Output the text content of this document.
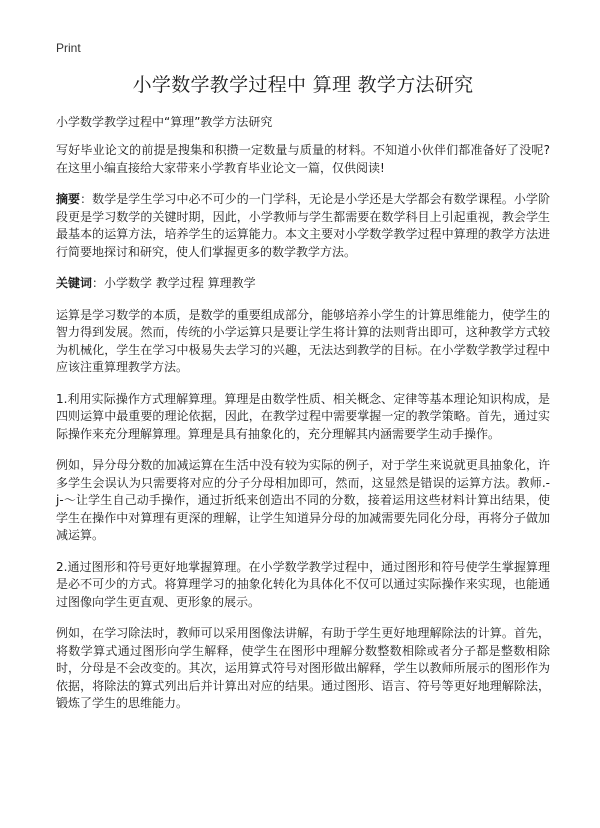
Print
小学数学教学过程中 算理 教学方法研究
小学数学教学过程中“算理”教学方法研究

写好毕业论文的前提是搜集和积攒一定数量与质量的材料。不知道小伙伴们都准备好了没呢?在这里小编直接给大家带来小学教育毕业论文一篇，仅供阅读!

摘要：数学是学生学习中必不可少的一门学科，无论是小学还是大学都会有数学课程。小学阶段更是学习数学的关键时期，因此，小学教师与学生都需要在数学科目上引起重视，教会学生最基本的运算方法，培养学生的运算能力。本文主要对小学数学教学过程中算理的教学方法进行简要地探讨和研究，使人们掌握更多的数学教学方法。

关键词：小学数学 教学过程 算理教学

运算是学习数学的本质，是数学的重要组成部分，能够培养小学生的计算思维能力，使学生的智力得到发展。然而，传统的小学运算只是要让学生将计算的法则背出即可，这种教学方式较为机械化，学生在学习中极易失去学习的兴趣，无法达到教学的目标。在小学数学教学过程中应该注重算理教学方法。

1.利用实际操作方式理解算理。算理是由数学性质、相关概念、定律等基本理论知识构成，是四则运算中最重要的理论依据，因此，在教学过程中需要掌握一定的教学策略。首先，通过实际操作来充分理解算理。算理是具有抽象化的，充分理解其内涵需要学生动手操作。

例如，异分母分数的加减运算在生活中没有较为实际的例子，对于学生来说就更具抽象化，许多学生会误认为只需要将对应的分子分母相加即可，然而，这显然是错误的运算方法。教师.-j-～让学生自己动手操作，通过折纸来创造出不同的分数，接着运用这些材料计算出结果，使学生在操作中对算理有更深的理解，让学生知道异分母的加减需要先同化分母，再将分子做加减运算。

2.通过图形和符号更好地掌握算理。在小学数学教学过程中，通过图形和符号使学生掌握算理是必不可少的方式。将算理学习的抽象化转化为具体化不仅可以通过实际操作来实现，也能通过图像向学生更直观、更形象的展示。

例如，在学习除法时，教师可以采用图像法讲解，有助于学生更好地理解除法的计算。首先，将数学算式通过图形向学生解释，使学生在图形中理解分数整数相除或者分子都是整数相除时，分母是不会改变的。其次，运用算式符号对图形做出解释，学生以教师所展示的图形作为依据，将除法的算式列出后并计算出对应的结果。通过图形、语言、符号等更好地理解除法，锻炼了学生的思维能力。
